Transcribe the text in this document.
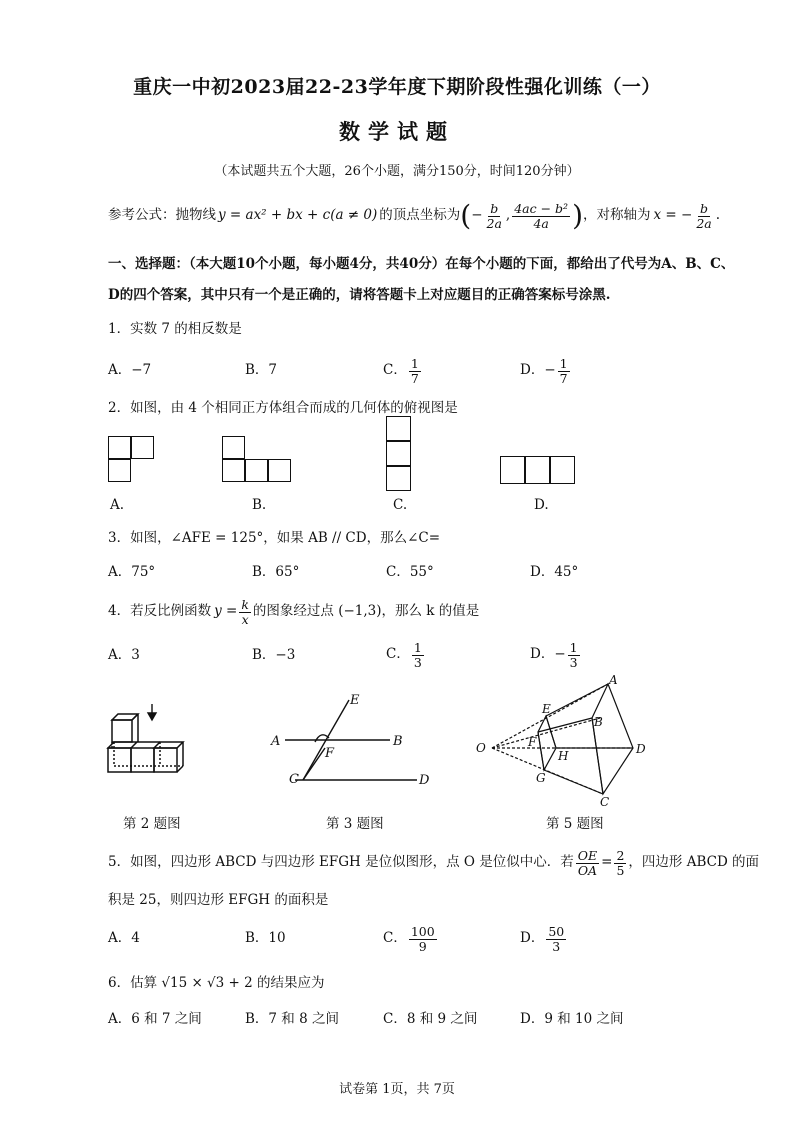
重庆一中初2023届22-23学年度下期阶段性强化训练（一）
数学试题
（本试题共五个大题，26个小题，满分150分，时间120分钟）
参考公式： 抛物线 y = ax² + bx + c(a ≠ 0) 的顶点坐标为 ( − $\frac{b}{2a}$ , $\frac{\text{4ac − b²}}{4a}$ ) ，对称轴为 x = − $\frac{b}{2a}$ .
一、选择题：（本大题10个小题，每小题4分，共40分）在每个小题的下面，都给出了代号为A、B、C、
D的四个答案，其中只有一个是正确的，请将答题卡上对应题目的正确答案标号涂黑.
1．实数 7 的相反数是
A．−7	B．7	C． $\frac{1}{7}$	D．− $\frac{1}{7}$
2．如图，由 4 个相同正方体组合而成的几何体的俯视图是
A.	B.	C.	D.
3．如图，∠AFE = 125°，如果 AB // CD，那么∠C=
A．75°	B．65°	C．55°	D．45°
4．若反比例函数 $y = \frac{k}{x}$ 的图象经过点 (−1,3)，那么 k 的值是
A．3	B．−3	C． $\frac{1}{3}$	D．− $\frac{1}{3}$
A	B
C	D
E
F	O
A
B
C
D
E
F
G
H
第 2 题图	第 3 题图	第 5 题图
5．如图，四边形 ABCD 与四边形 EFGH 是位似图形，点 O 是位似中心．若 $\frac{OE}{OA} = \frac{2}{5}$ ，四边形 ABCD 的面
积是 25，则四边形 EFGH 的面积是
A．4	B．10	C． $\frac{100}{9}$	D． $\frac{50}{3}$
6．估算 √15 × √3 + 2 的结果应为
A．6 和 7 之间	B．7 和 8 之间	C．8 和 9 之间	D．9 和 10 之间
试卷第 1页，共 7页
